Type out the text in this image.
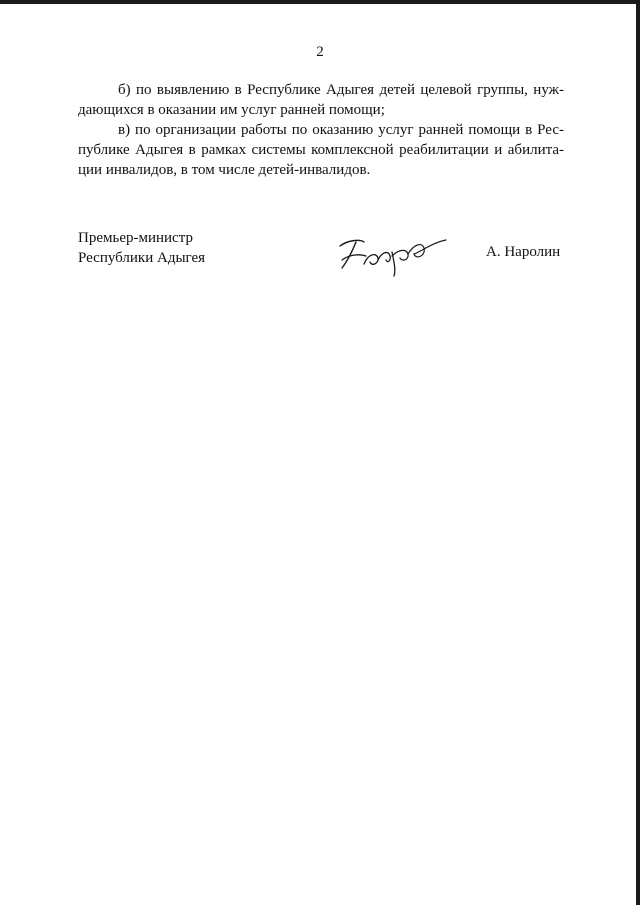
2
б) по выявлению в Республике Адыгея детей целевой группы, нуж-
дающихся в оказании им услуг ранней помощи;
в) по организации работы по оказанию услуг ранней помощи в Рес-
публике Адыгея в рамках системы комплексной реабилитации и абилита-
ции инвалидов, в том числе детей-инвалидов.
Премьер-министр
Республики Адыгея	А. Наролин
